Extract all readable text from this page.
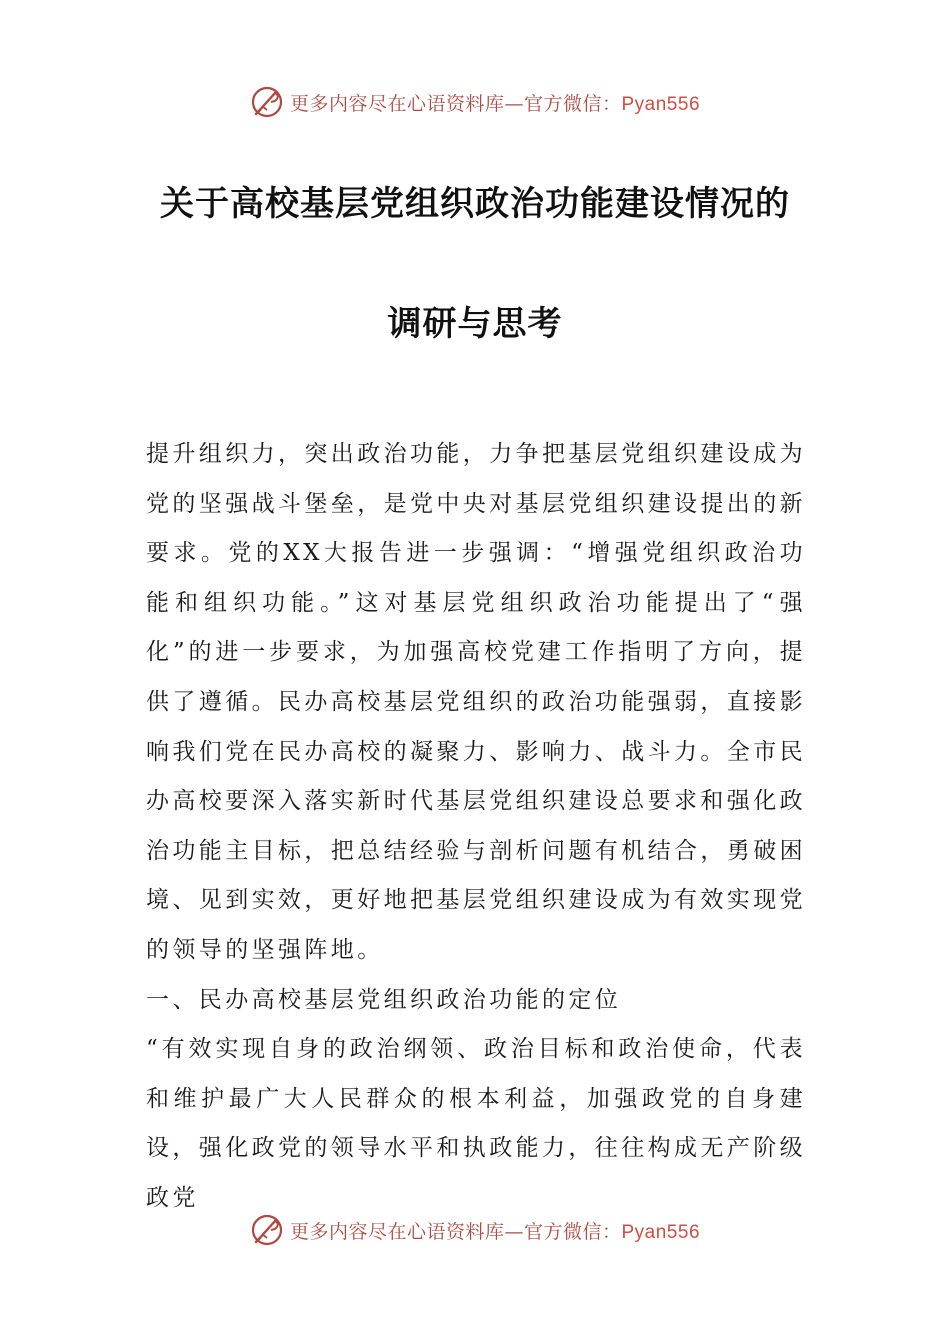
更多内容尽在心语资料库—官方微信：Pyan556
关于高校基层党组织政治功能建设情况的
调研与思考

提升组织力，突出政治功能，力争把基层党组织建设成为党的坚强战斗堡垒，是党中央对基层党组织建设提出的新要求。党的XX大报告进一步强调：“增强党组织政治功能和组织功能。”这对基层党组织政治功能提出了“强化”的进一步要求，为加强高校党建工作指明了方向，提供了遵循。民办高校基层党组织的政治功能强弱，直接影响我们党在民办高校的凝聚力、影响力、战斗力。全市民办高校要深入落实新时代基层党组织建设总要求和强化政治功能主目标，把总结经验与剖析问题有机结合，勇破困境、见到实效，更好地把基层党组织建设成为有效实现党的领导的坚强阵地。

一、民办高校基层党组织政治功能的定位

“有效实现自身的政治纲领、政治目标和政治使命，代表和维护最广大人民群众的根本利益，加强政党的自身建设，强化政党的领导水平和执政能力，往往构成无产阶级政党

更多内容尽在心语资料库—官方微信：Pyan556
